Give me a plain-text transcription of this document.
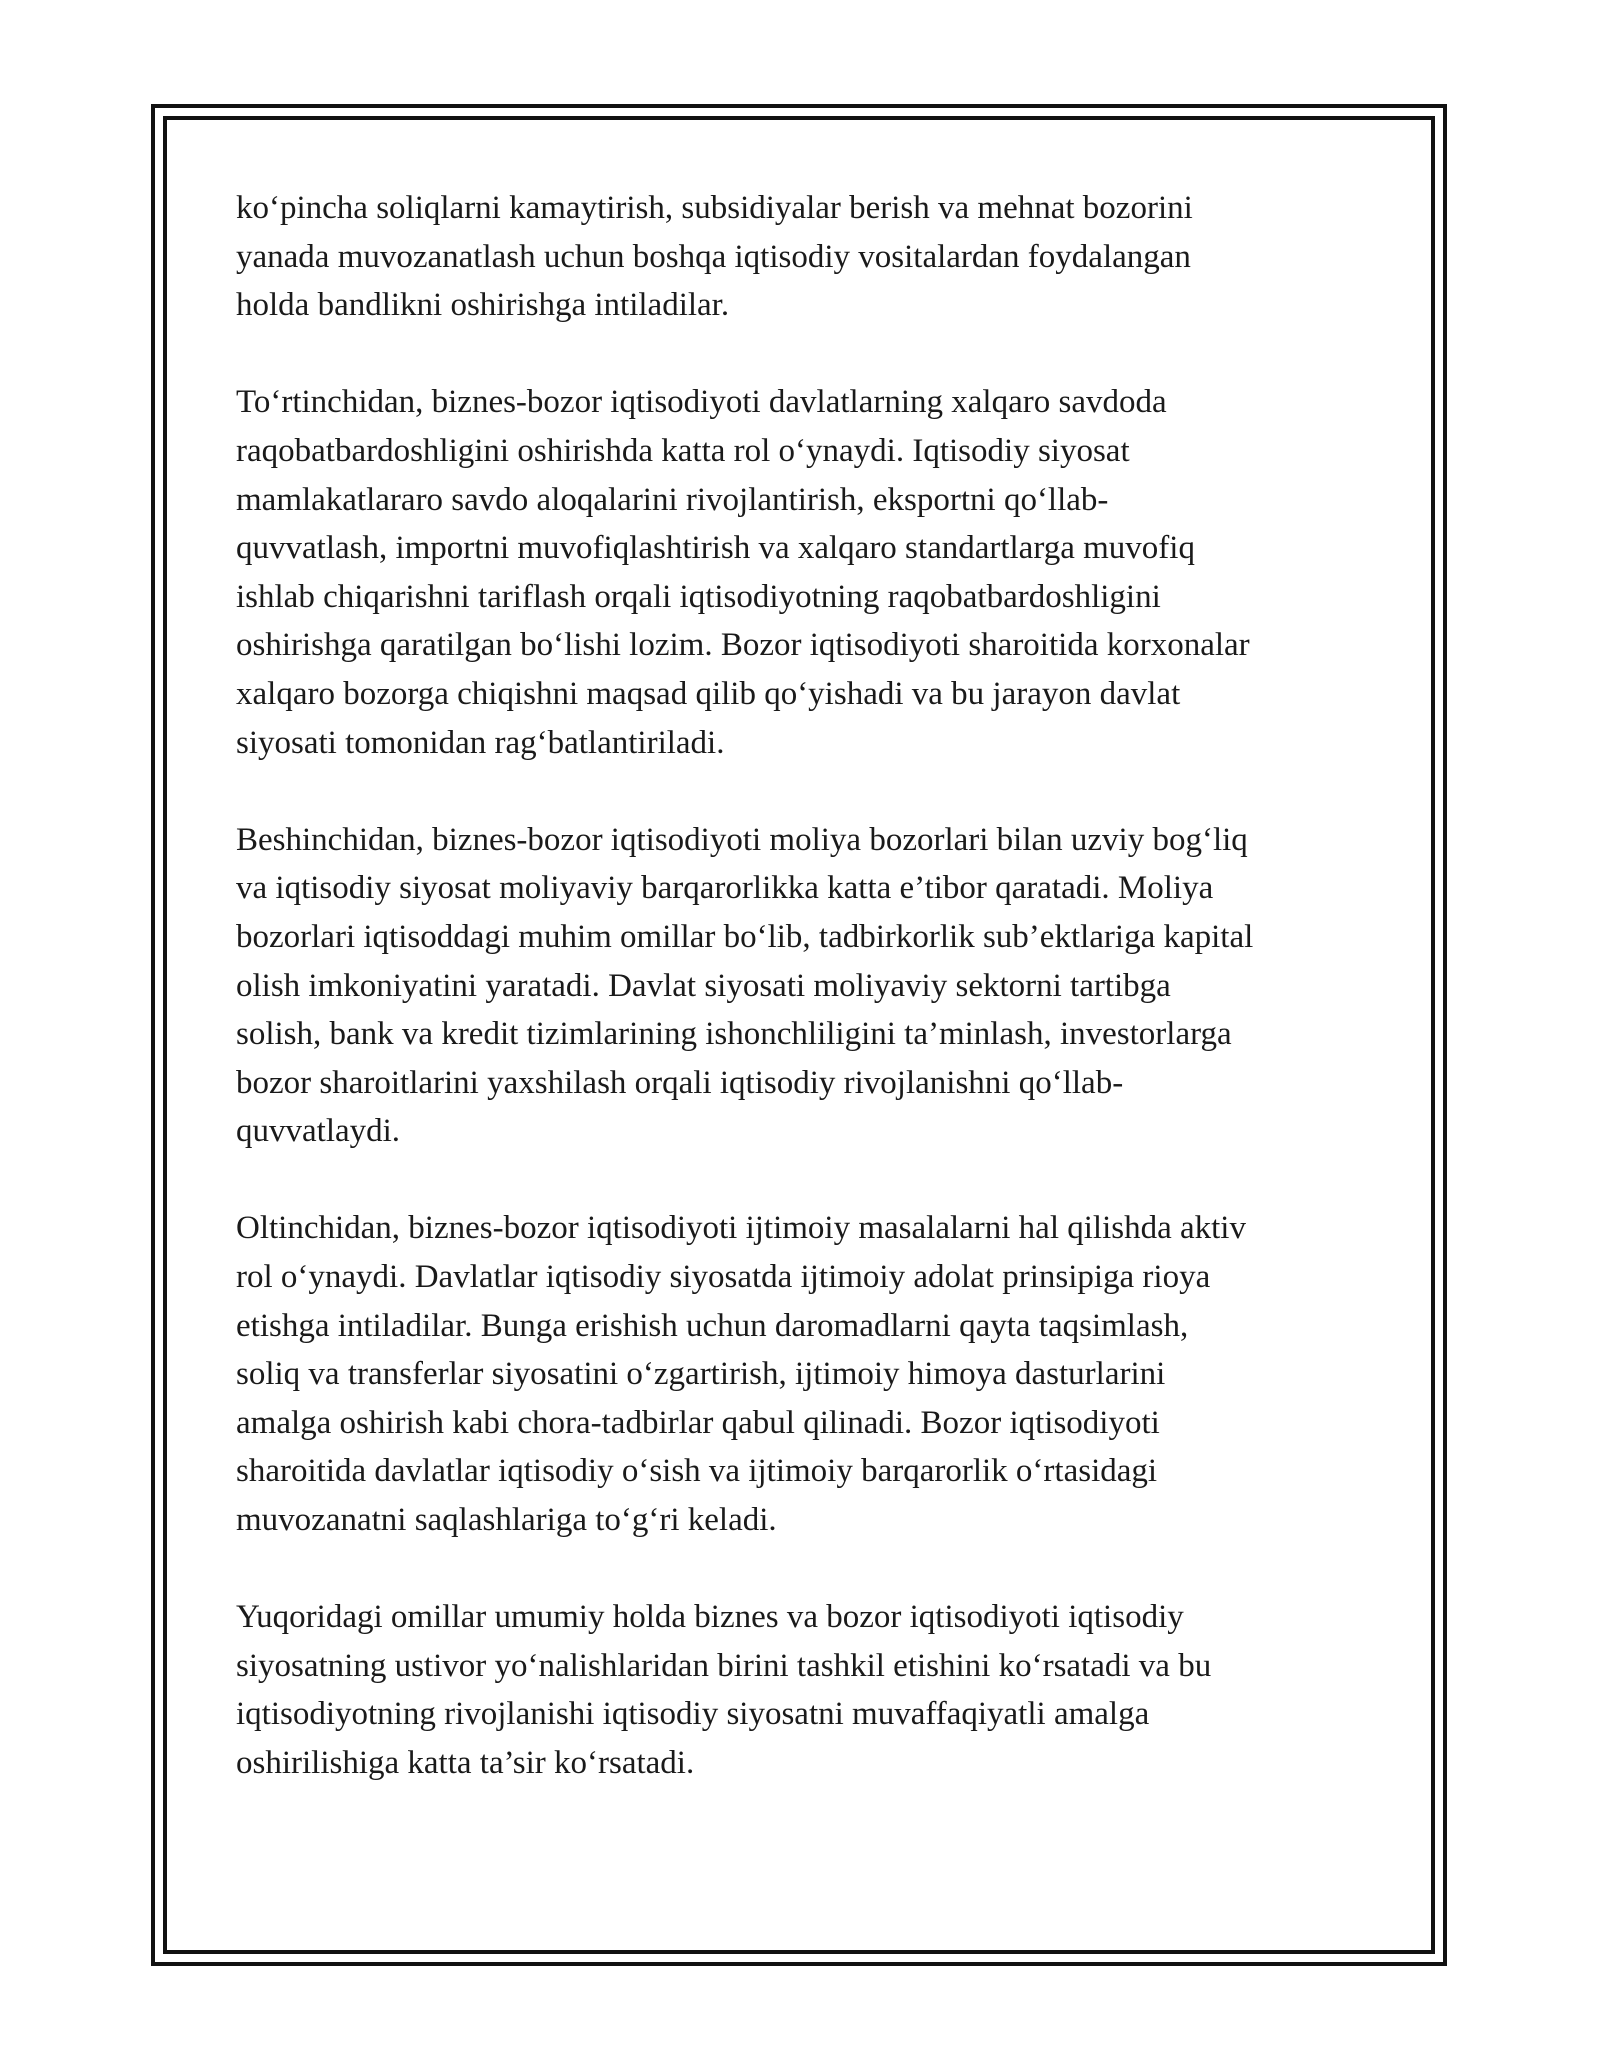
ko‘pincha soliqlarni kamaytirish, subsidiyalar berish va mehnat bozorini
yanada muvozanatlash uchun boshqa iqtisodiy vositalardan foydalangan
holda bandlikni oshirishga intiladilar.

To‘rtinchidan, biznes-bozor iqtisodiyoti davlatlarning xalqaro savdoda
raqobatbardoshligini oshirishda katta rol o‘ynaydi. Iqtisodiy siyosat
mamlakatlararo savdo aloqalarini rivojlantirish, eksportni qo‘llab-
quvvatlash, importni muvofiqlashtirish va xalqaro standartlarga muvofiq
ishlab chiqarishni tariflash orqali iqtisodiyotning raqobatbardoshligini
oshirishga qaratilgan bo‘lishi lozim. Bozor iqtisodiyoti sharoitida korxonalar
xalqaro bozorga chiqishni maqsad qilib qo‘yishadi va bu jarayon davlat
siyosati tomonidan rag‘batlantiriladi.

Beshinchidan, biznes-bozor iqtisodiyoti moliya bozorlari bilan uzviy bog‘liq
va iqtisodiy siyosat moliyaviy barqarorlikka katta e’tibor qaratadi. Moliya
bozorlari iqtisoddagi muhim omillar bo‘lib, tadbirkorlik sub’ektlariga kapital
olish imkoniyatini yaratadi. Davlat siyosati moliyaviy sektorni tartibga
solish, bank va kredit tizimlarining ishonchliligini ta’minlash, investorlarga
bozor sharoitlarini yaxshilash orqali iqtisodiy rivojlanishni qo‘llab-
quvvatlaydi.

Oltinchidan, biznes-bozor iqtisodiyoti ijtimoiy masalalarni hal qilishda aktiv
rol o‘ynaydi. Davlatlar iqtisodiy siyosatda ijtimoiy adolat prinsipiga rioya
etishga intiladilar. Bunga erishish uchun daromadlarni qayta taqsimlash,
soliq va transferlar siyosatini o‘zgartirish, ijtimoiy himoya dasturlarini
amalga oshirish kabi chora-tadbirlar qabul qilinadi. Bozor iqtisodiyoti
sharoitida davlatlar iqtisodiy o‘sish va ijtimoiy barqarorlik o‘rtasidagi
muvozanatni saqlashlariga to‘g‘ri keladi.

Yuqoridagi omillar umumiy holda biznes va bozor iqtisodiyoti iqtisodiy
siyosatning ustivor yo‘nalishlaridan birini tashkil etishini ko‘rsatadi va bu
iqtisodiyotning rivojlanishi iqtisodiy siyosatni muvaffaqiyatli amalga
oshirilishiga katta ta’sir ko‘rsatadi.
